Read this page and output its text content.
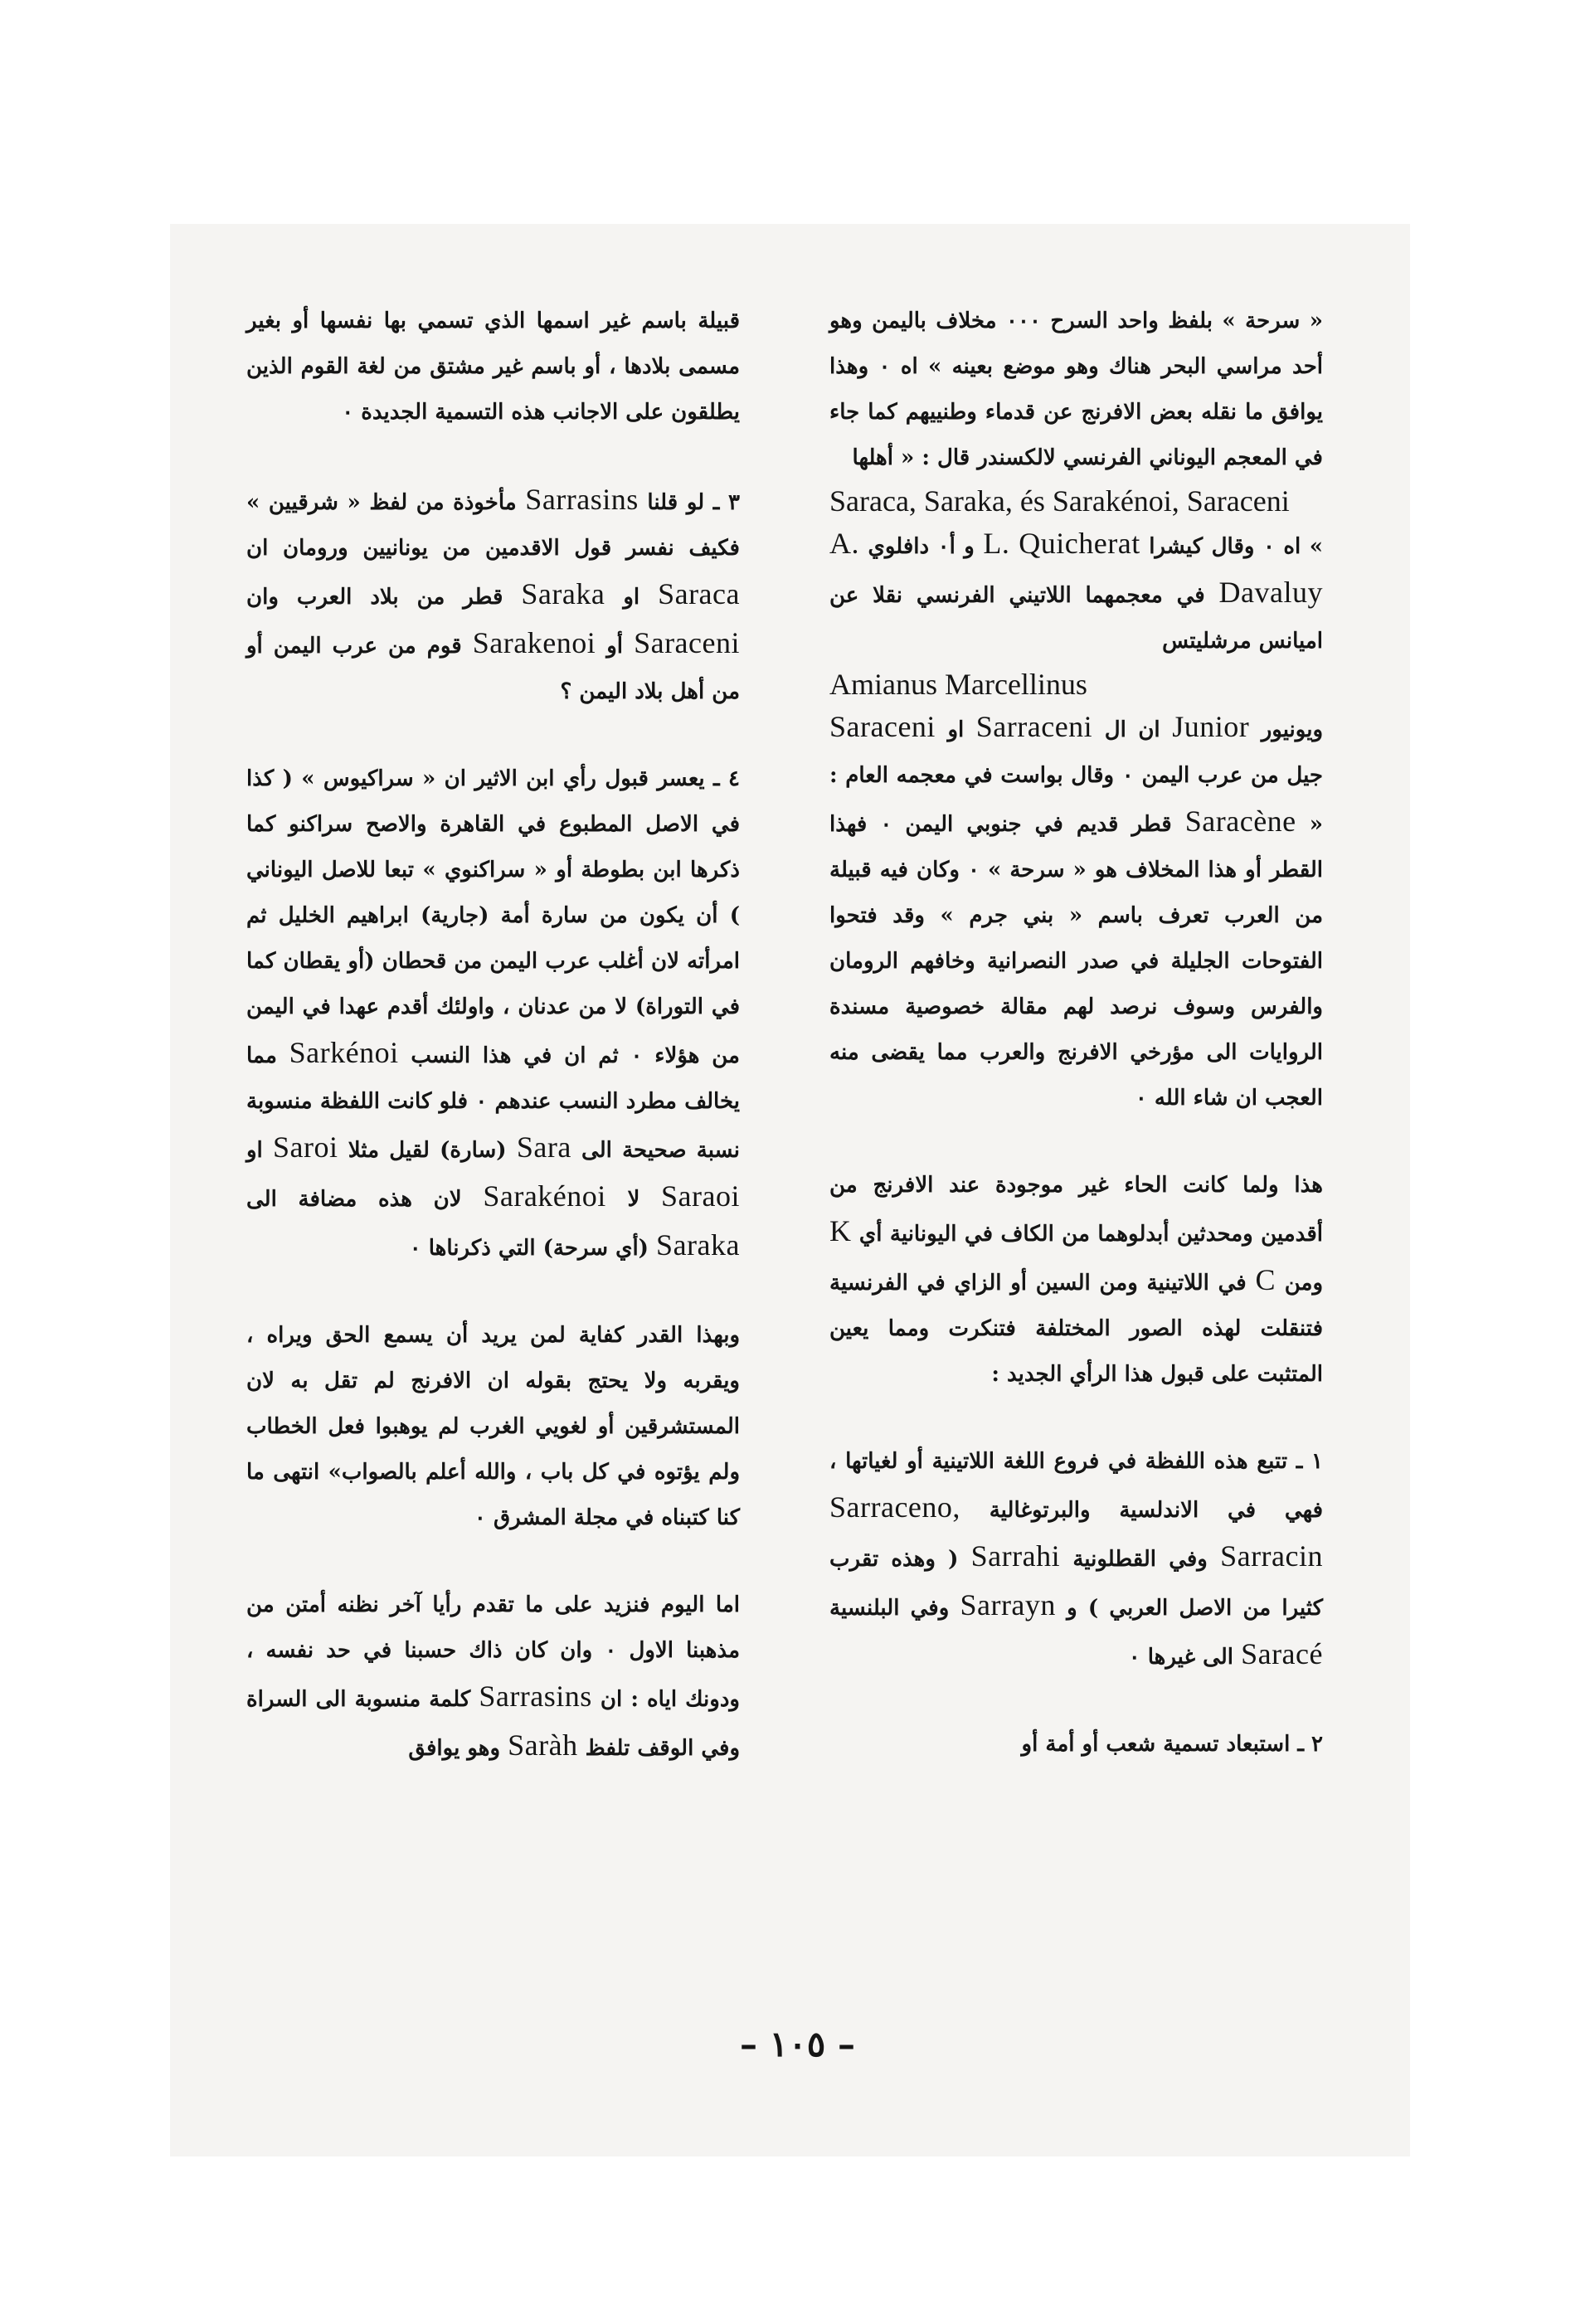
« سرحة » بلفظ واحد السرح ٠٠٠ مخلاف باليمن وهو أحد مراسي البحر هناك وهو موضع بعينه » اه ٠ وهذا يوافق ما نقله بعض الافرنج عن قدماء وطنييهم كما جاء في المعجم اليوناني الفرنسي لالكسندر قال : « أهلها

Saraca, Saraka, és Sarakénoi, Saraceni

» اه ٠ وقال كيشرا L. Quicherat و أ٠ دافلوي A. Davaluy في معجمهما اللاتيني الفرنسي نقلا عن اميانس مرشليتس

Amianus Marcellinus

ويونيور Junior ان ال Sarraceni او Saraceni جيل من عرب اليمن ٠ وقال بواست في معجمه العام : « Saracène قطر قديم في جنوبي اليمن ٠ فهذا القطر أو هذا المخلاف هو « سرحة » ٠ وكان فيه قبيلة من العرب تعرف باسم « بني جرم » وقد فتحوا الفتوحات الجليلة في صدر النصرانية وخافهم الرومان والفرس وسوف نرصد لهم مقالة خصوصية مسندة الروايات الى مؤرخي الافرنج والعرب مما يقضى منه العجب ان شاء الله ٠

هذا ولما كانت الحاء غير موجودة عند الافرنج من أقدمين ومحدثين أبدلوهما من الكاف في اليونانية أي K ومن C في اللاتينية ومن السين أو الزاي في الفرنسية فتنقلت لهذه الصور المختلفة فتنكرت ومما يعين المتثبت على قبول هذا الرأي الجديد :

١ ـ تتبع هذه اللفظة في فروع اللغة اللاتينية أو لغياتها ، فهي في الاندلسية والبرتوغالية Sarraceno, Sarracin وفي القطلونية Sarrahi ( وهذه تقرب كثيرا من الاصل العربي ) و Sarrayn وفي البلنسية Saracé الى غيرها ٠

٢ ـ استبعاد تسمية شعب أو أمة أو

قبيلة باسم غير اسمها الذي تسمي بها نفسها أو بغير مسمى بلادها ، أو باسم غير مشتق من لغة القوم الذين يطلقون على الاجانب هذه التسمية الجديدة ٠

٣ ـ لو قلنا Sarrasins مأخوذة من لفظ « شرقيين » فكيف نفسر قول الاقدمين من يونانيين ورومان ان Saraca او Saraka قطر من بلاد العرب وان Saraceni أو Sarakenoi قوم من عرب اليمن أو من أهل بلاد اليمن ؟

٤ ـ يعسر قبول رأي ابن الاثير ان « سراكيوس » ( كذا في الاصل المطبوع في القاهرة والاصح سراكنو كما ذكرها ابن بطوطة أو « سراكنوي » تبعا للاصل اليوناني ) أن يكون من سارة أمة (جارية) ابراهيم الخليل ثم امرأته لان أغلب عرب اليمن من قحطان (أو يقطان كما في التوراة) لا من عدنان ، واولئك أقدم عهدا في اليمن من هؤلاء ٠ ثم ان في هذا النسب Sarkénoi مما يخالف مطرد النسب عندهم ٠ فلو كانت اللفظة منسوبة نسبة صحيحة الى Sara (سارة) لقيل مثلا Saroi او Saraoi لا Sarakénoi لان هذه مضافة الى Saraka (أي سرحة) التي ذكرناها ٠

وبهذا القدر كفاية لمن يريد أن يسمع الحق ويراه ، ويقربه ولا يحتج بقوله ان الافرنج لم تقل به لان المستشرقين أو لغويي الغرب لم يوهبوا فعل الخطاب ولم يؤتوه في كل باب ، والله أعلم بالصواب» انتهى ما كنا كتبناه في مجلة المشرق ٠

اما اليوم فنزيد على ما تقدم رأيا آخر نظنه أمتن من مذهبنا الاول ٠ وان كان ذاك حسبنا في حد نفسه ، ودونك اياه : ان Sarrasins كلمة منسوبة الى السراة وفي الوقف تلفظ Saràh وهو يوافق

– ١٠٥ –
